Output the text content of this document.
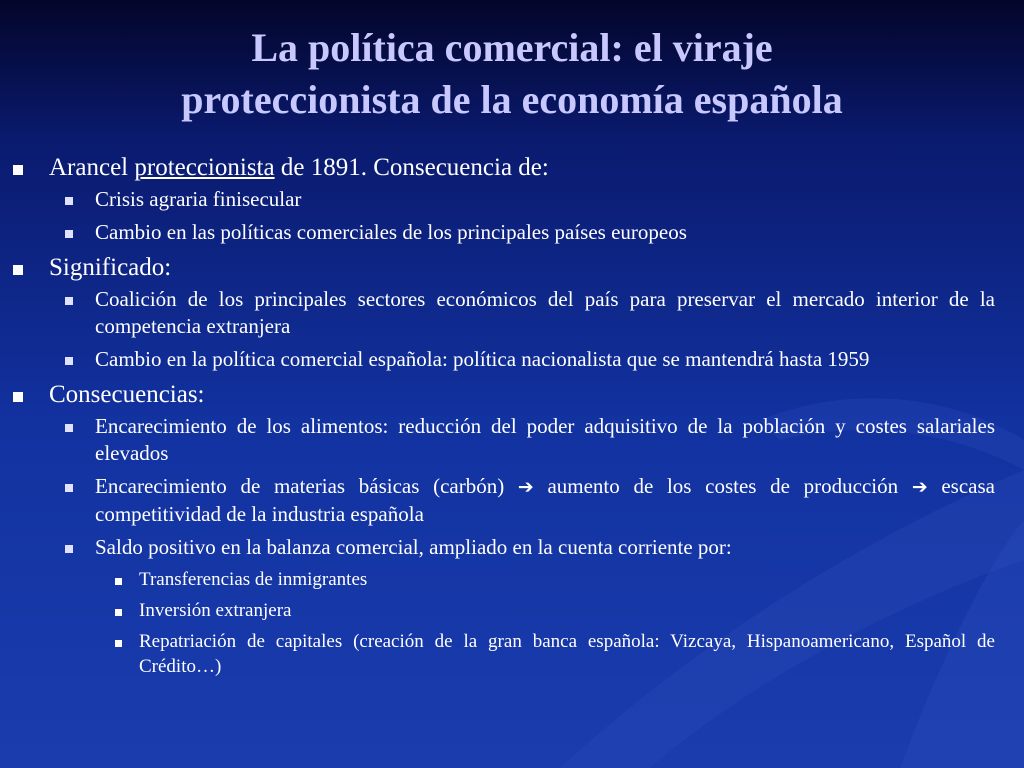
La política comercial: el viraje
proteccionista de la economía española
Arancel proteccionista de 1891. Consecuencia de:
Crisis agraria finisecular
Cambio en las políticas comerciales de los principales países europeos
Significado:
Coalición de los principales sectores económicos del país para preservar el mercado interior de la competencia extranjera
Cambio en la política comercial española: política nacionalista que se mantendrá hasta 1959
Consecuencias:
Encarecimiento de los alimentos: reducción del poder adquisitivo de la población y costes salariales elevados
Encarecimiento de materias básicas (carbón) ➔ aumento de los costes de producción ➔ escasa competitividad de la industria española
Saldo positivo en la balanza comercial, ampliado en la cuenta corriente por:
Transferencias de inmigrantes
Inversión extranjera
Repatriación de capitales (creación de la gran banca española: Vizcaya, Hispanoamericano, Español de Crédito…)
